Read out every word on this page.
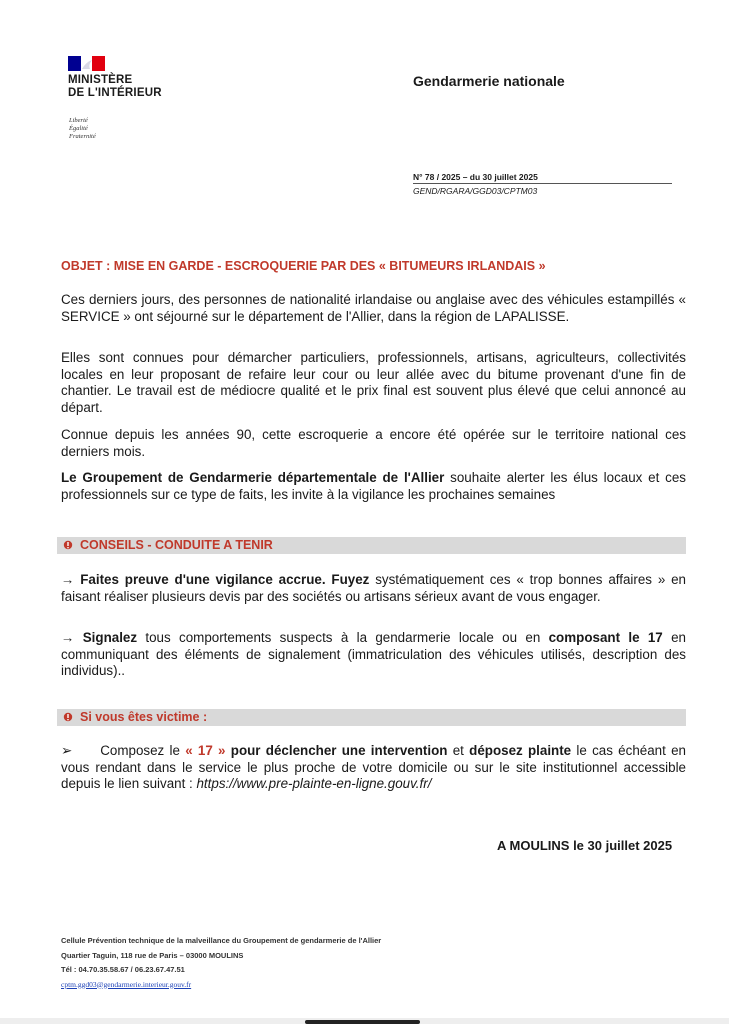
MINISTÈRE
DE L'INTÉRIEUR
Liberté
Égalité
Fraternité
Gendarmerie nationale
N° 78 / 2025 – du 30 juillet 2025
GEND/RGARA/GGD03/CPTM03
OBJET : MISE EN GARDE - ESCROQUERIE PAR DES « BITUMEURS IRLANDAIS »
Ces derniers jours, des personnes de nationalité irlandaise ou anglaise avec des véhicules estampillés « SERVICE » ont séjourné sur le département de l'Allier, dans la région de LAPALISSE.
Elles sont connues pour démarcher particuliers, professionnels, artisans, agriculteurs, collectivités locales en leur proposant de refaire leur cour ou leur allée avec du bitume provenant d'une fin de chantier. Le travail est de médiocre qualité et le prix final est souvent plus élevé que celui annoncé au départ.
Connue depuis les années 90, cette escroquerie a encore été opérée sur le territoire national ces derniers mois.
Le Groupement de Gendarmerie départementale de l'Allier souhaite alerter les élus locaux et ces professionnels sur ce type de faits, les invite à la vigilance les prochaines semaines
CONSEILS - CONDUITE A TENIR
→ Faites preuve d'une vigilance accrue. Fuyez systématiquement ces « trop bonnes affaires » en faisant réaliser plusieurs devis par des sociétés ou artisans sérieux avant de vous engager.
→ Signalez tous comportements suspects à la gendarmerie locale ou en composant le 17 en communiquant des éléments de signalement (immatriculation des véhicules utilisés, description des individus)..
Si vous êtes victime :
➢ Composez le « 17 » pour déclencher une intervention et déposez plainte le cas échéant en vous rendant dans le service le plus proche de votre domicile ou sur le site institutionnel accessible depuis le lien suivant : https://www.pre-plainte-en-ligne.gouv.fr/
A MOULINS le 30 juillet 2025
Cellule Prévention technique de la malveillance du Groupement de gendarmerie de l'Allier
Quartier Taguin, 118 rue de Paris – 03000 MOULINS
Tél : 04.70.35.58.67 / 06.23.67.47.51
cptm.ggd03@gendarmerie.interieur.gouv.fr
